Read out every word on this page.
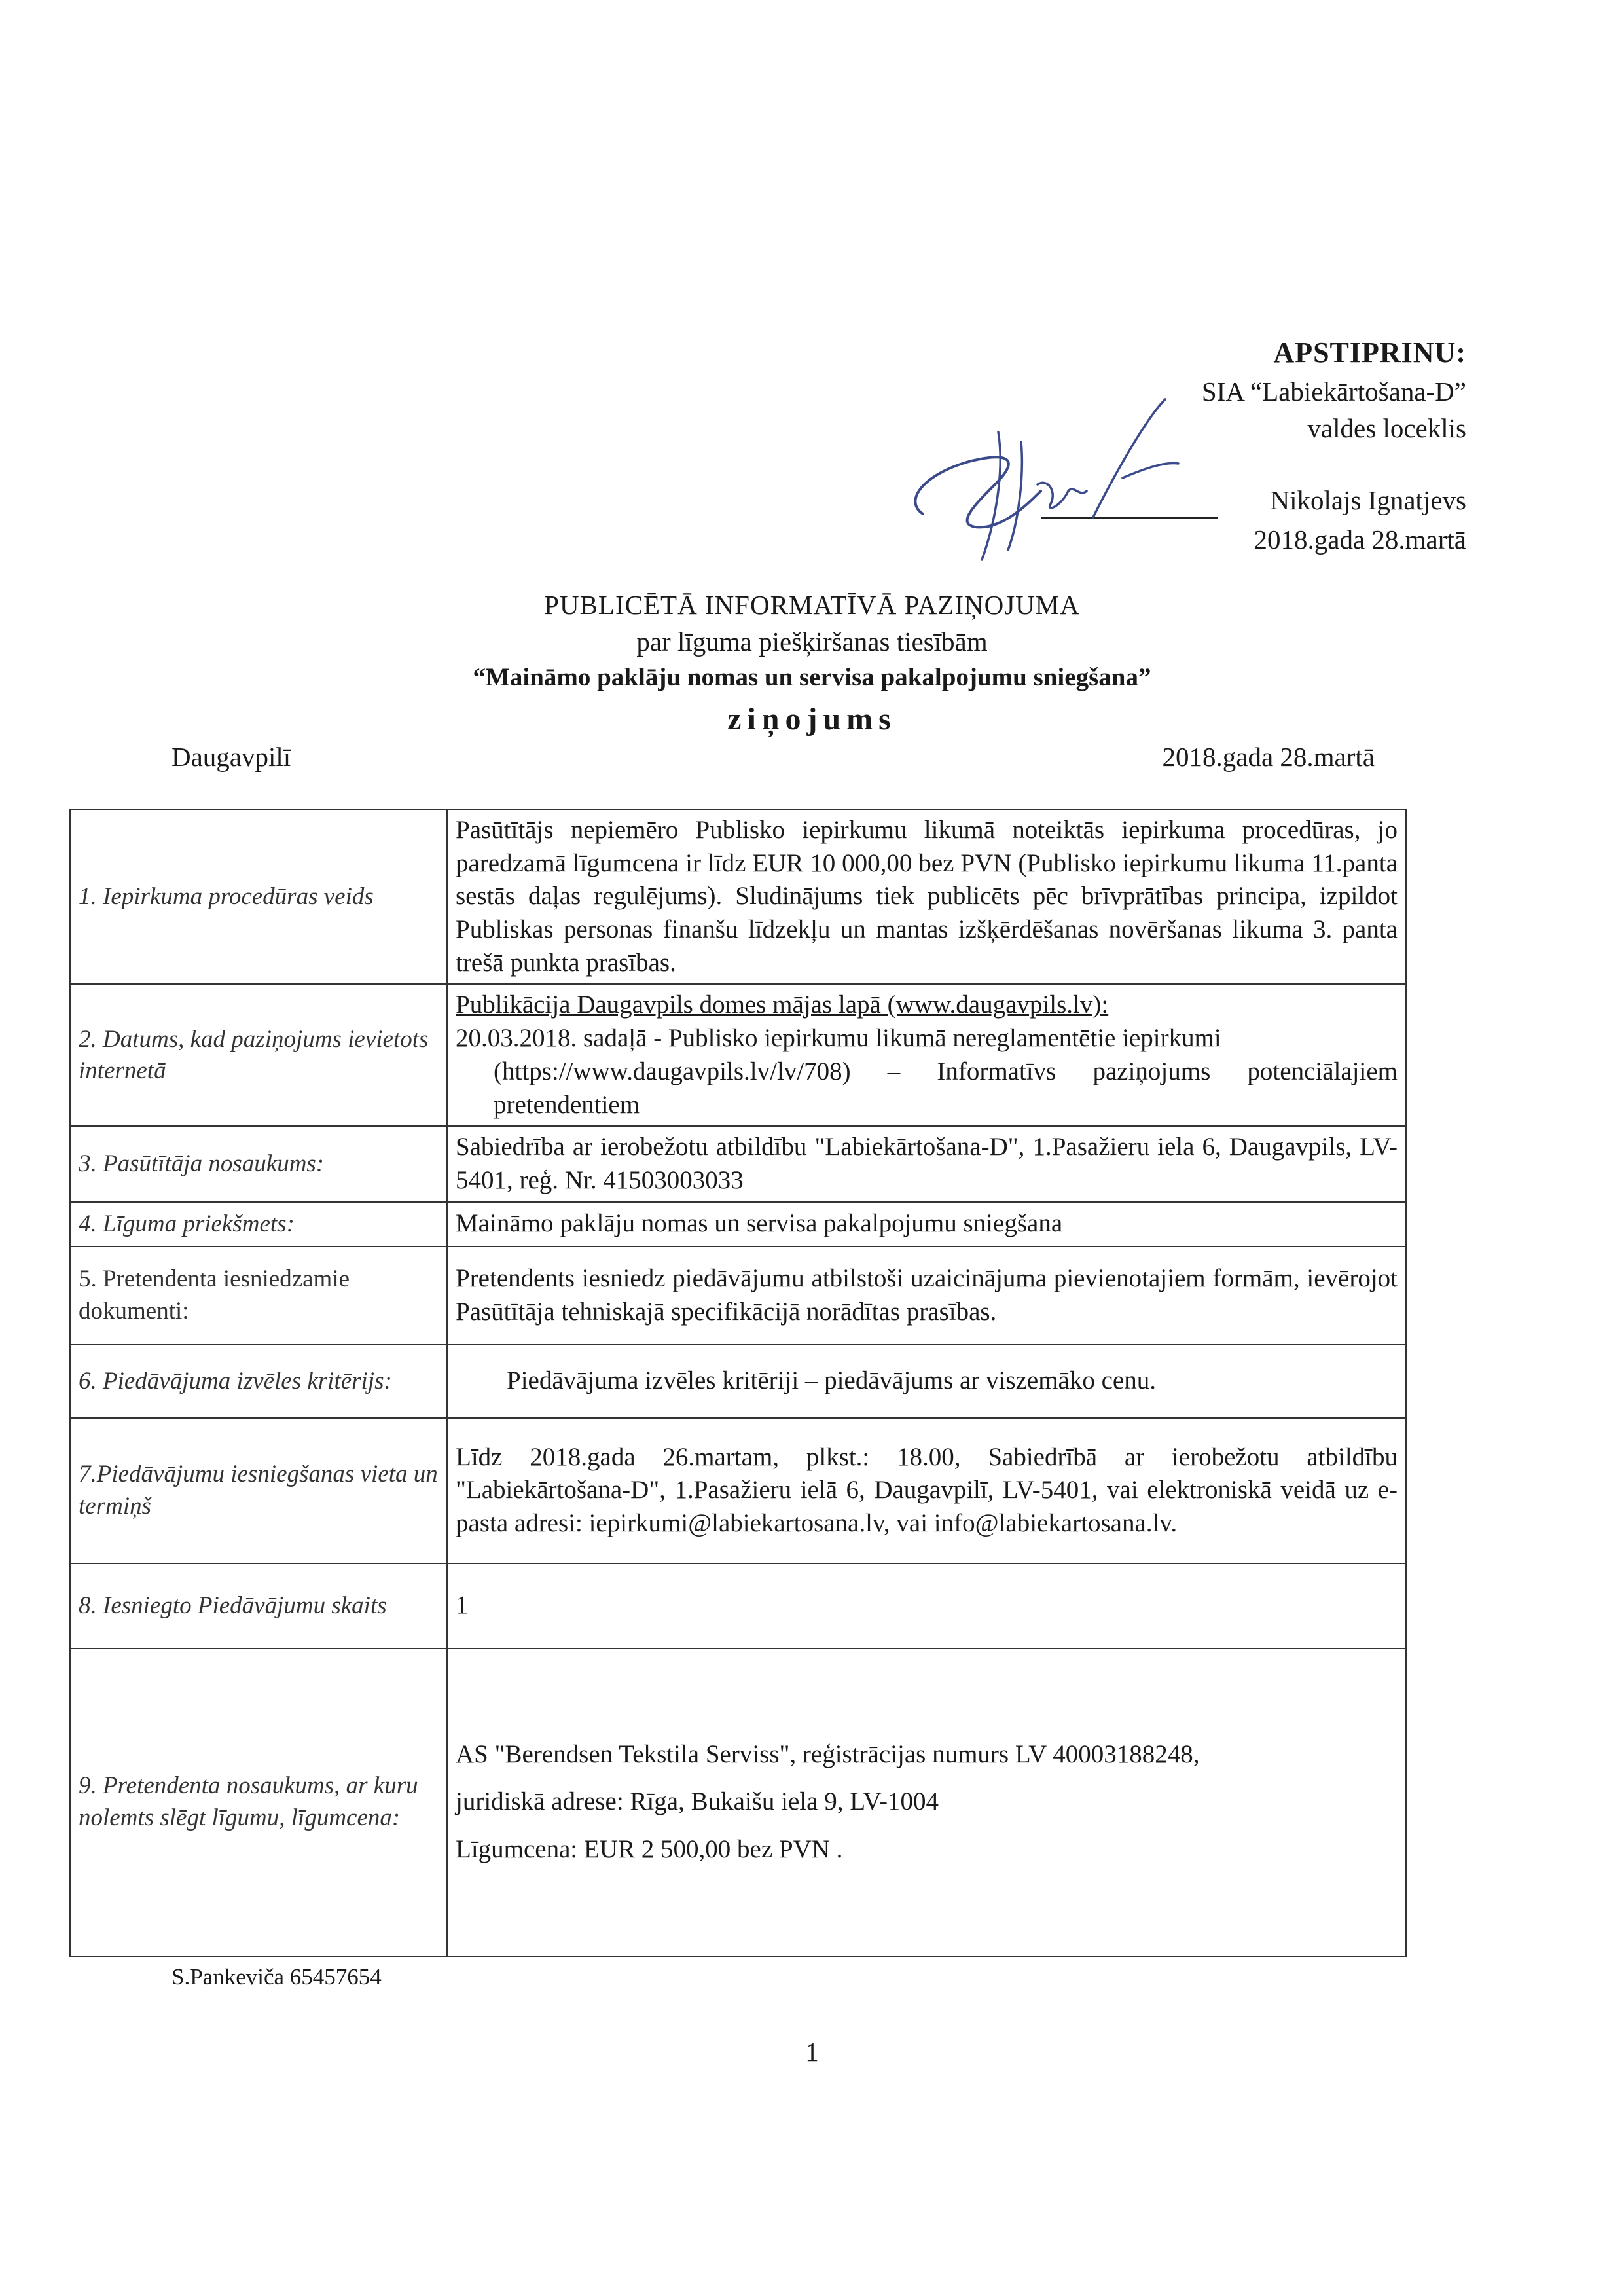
APSTIPRINU:
SIA “Labiekārtošana-D”
valdes loceklis
Nikolajs Ignatjevs
2018.gada 28.martā
PUBLICĒTĀ INFORMATĪVĀ PAZIŅOJUMA
par līguma piešķiršanas tiesībām
“Maināmo paklāju nomas un servisa pakalpojumu sniegšana”
ziņojums
Daugavpilī	2018.gada 28.martā
1. Iepirkuma procedūras veids	Pasūtītājs nepiemēro Publisko iepirkumu likumā noteiktās iepirkuma procedūras, jo paredzamā līgumcena ir līdz EUR 10 000,00 bez PVN (Publisko iepirkumu likuma 11.panta sestās daļas regulējums). Sludinājums tiek publicēts pēc brīvprātības principa, izpildot Publiskas personas finanšu līdzekļu un mantas izšķērdēšanas novēršanas likuma 3. panta trešā punkta prasības.
2. Datums, kad paziņojums ievietots internetā	Publikācija Daugavpils domes mājas lapā (www.daugavpils.lv):
20.03.2018. sadaļā - Publisko iepirkumu likumā nereglamentētie iepirkumi

(https://www.daugavpils.lv/lv/708) – Informatīvs paziņojums potenciālajiem pretendentiem

3. Pasūtītāja nosaukums:	Sabiedrība ar ierobežotu atbildību "Labiekārtošana-D", 1.Pasažieru iela 6, Daugavpils, LV-5401, reģ. Nr. 41503003033
4. Līguma priekšmets:	Maināmo paklāju nomas un servisa pakalpojumu sniegšana
5. Pretendenta iesniedzamie dokumenti:	Pretendents iesniedz piedāvājumu atbilstoši uzaicinājuma pievienotajiem formām, ievērojot Pasūtītāja tehniskajā specifikācijā norādītas prasības.
6. Piedāvājuma izvēles kritērijs:	Piedāvājuma izvēles kritēriji – piedāvājums ar viszemāko cenu.
7.Piedāvājumu iesniegšanas vieta un termiņš	Līdz 2018.gada 26.martam, plkst.: 18.00, Sabiedrībā ar ierobežotu atbildību "Labiekārtošana-D", 1.Pasažieru ielā 6, Daugavpilī, LV-5401, vai elektroniskā veidā uz e-pasta adresi: iepirkumi@labiekartosana.lv, vai info@labiekartosana.lv.
8. Iesniegto Piedāvājumu skaits	1
9. Pretendenta nosaukums, ar kuru nolemts slēgt līgumu, līgumcena:	AS "Berendsen Tekstila Serviss", reģistrācijas numurs LV 40003188248,
juridiskā adrese: Rīga, Bukaišu iela 9, LV-1004
Līgumcena: EUR 2 500,00 bez PVN .
S.Pankeviča 65457654
1
